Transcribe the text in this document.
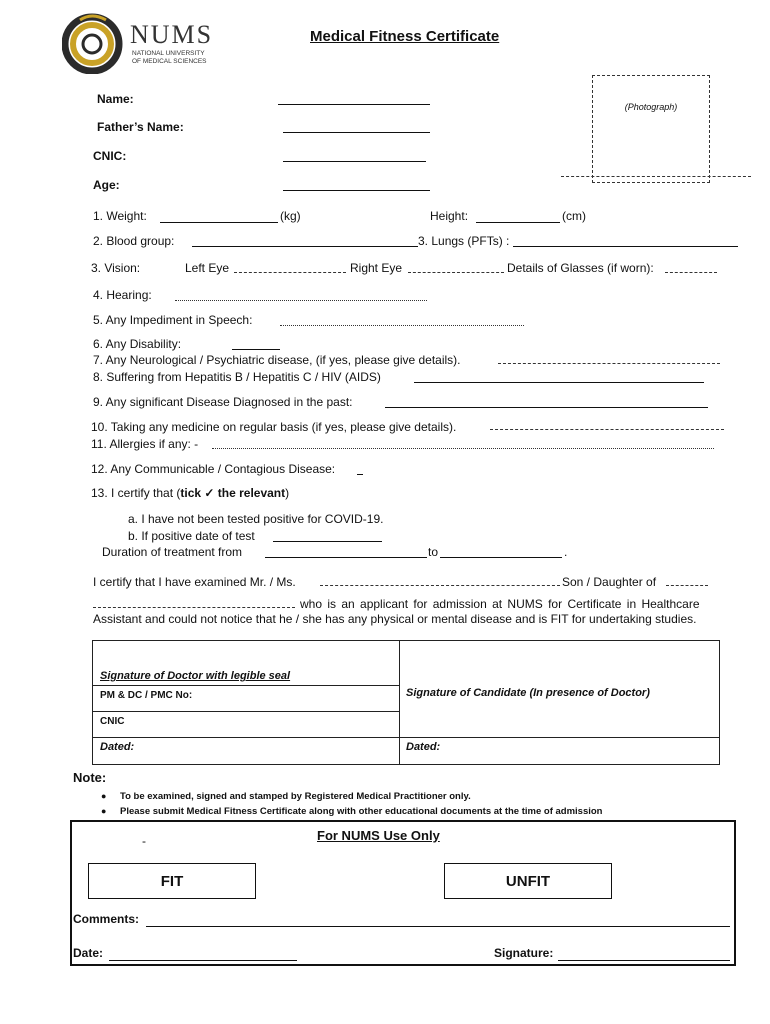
NUMS
NATIONAL UNIVERSITY
OF MEDICAL SCIENCES
Medical Fitness Certificate
Name:
Father’s Name:
CNIC:
Age:
(Photograph)
1. Weight:	(kg)	Height:	(cm)
2. Blood group:	3. Lungs (PFTs) :
3. Vision:	Left Eye	Right Eye	Details of Glasses (if worn):
4. Hearing:
5. Any Impediment in Speech:
6. Any Disability:
7. Any Neurological / Psychiatric disease, (if yes, please give details).
8. Suffering from Hepatitis B / Hepatitis C / HIV (AIDS)
9. Any significant Disease Diagnosed in the past:
10. Taking any medicine on regular basis (if yes, please give details).
11. Allergies if any: -
12. Any Communicable / Contagious Disease:
13. I certify that (tick ✓ the relevant)
a. I have not been tested positive for COVID-19.
b. If positive date of test
Duration of treatment from	to	.
I certify that I have examined Mr. / Ms.	Son / Daughter of
who is an applicant for admission at NUMS for Certificate in Healthcare
Assistant and could not notice that he / she has any physical or mental disease and is FIT for undertaking studies.
Signature of Doctor with legible seal
PM & DC / PMC No:
CNIC
Dated:
Signature of Candidate (In presence of Doctor)
Dated:
Note:
● To be examined, signed and stamped by Registered Medical Practitioner only.
● Please submit Medical Fitness Certificate along with other educational documents at the time of admission
-	For NUMS Use Only
FIT	UNFIT
Comments:
Date:	Signature:
